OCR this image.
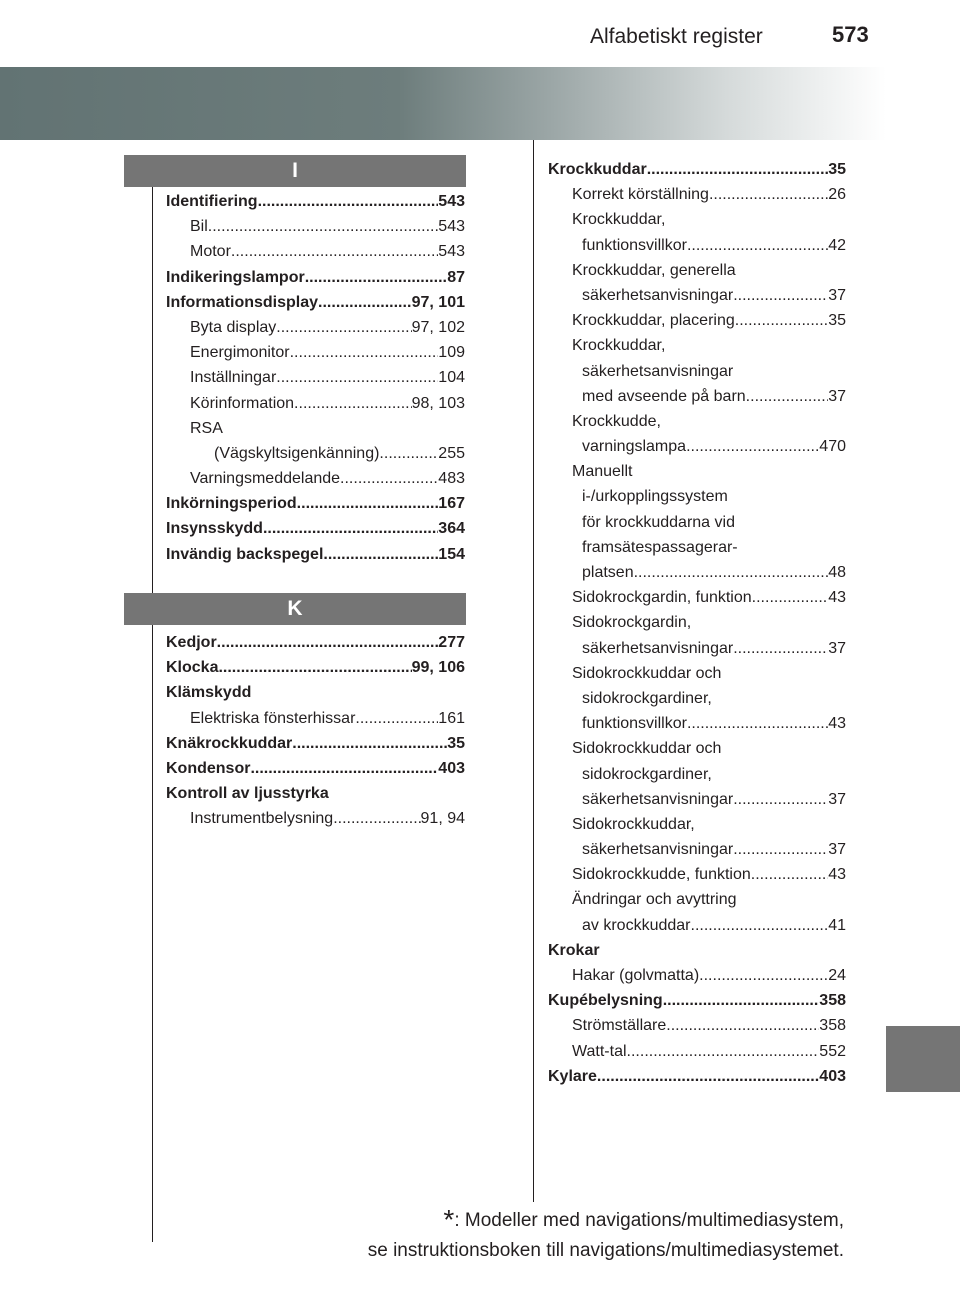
Alfabetiskt register	573
I
Identifiering .....	543
Bil .....	543
Motor .....	543
Indikeringslampor .....	87
Informationsdisplay .....	97, 101
Byta display .....	97, 102
Energimonitor .....	109
Inställningar .....	104
Körinformation .....	98, 103
RSA
(Vägskyltsigenkänning) .....	255
Varningsmeddelande .....	483
Inkörningsperiod .....	167
Insynsskydd .....	364
Invändig backspegel .....	154
K
Kedjor .....	277
Klocka .....	99, 106
Klämskydd
Elektriska fönsterhissar .....	161
Knäkrockkuddar .....	35
Kondensor .....	403
Kontroll av ljusstyrka
Instrumentbelysning .....	91, 94
Krockkuddar .....	35
Korrekt körställning .....	26
Krockkuddar,
funktionsvillkor .....	42
Krockkuddar, generella
säkerhetsanvisningar .....	37
Krockkuddar, placering .....	35
Krockkuddar,
säkerhetsanvisningar
med avseende på barn .....	37
Krockkudde,
varningslampa .....	470
Manuellt
i-/urkopplingssystem
för krockkuddarna vid
framsätespassagerar-
platsen .....	48
Sidokrockgardin, funktion .....	43
Sidokrockgardin,
säkerhetsanvisningar .....	37
Sidokrockkuddar och
sidokrockgardiner,
funktionsvillkor .....	43
Sidokrockkuddar och
sidokrockgardiner,
säkerhetsanvisningar .....	37
Sidokrockkuddar,
säkerhetsanvisningar .....	37
Sidokrockkudde, funktion .....	43
Ändringar och avyttring
av krockkuddar .....	41
Krokar
Hakar (golvmatta) .....	24
Kupébelysning .....	358
Strömställare .....	358
Watt-tal .....	552
Kylare .....	403
*: Modeller med navigations/multimediasystem,
se instruktionsboken till navigations/multimediasystemet.
